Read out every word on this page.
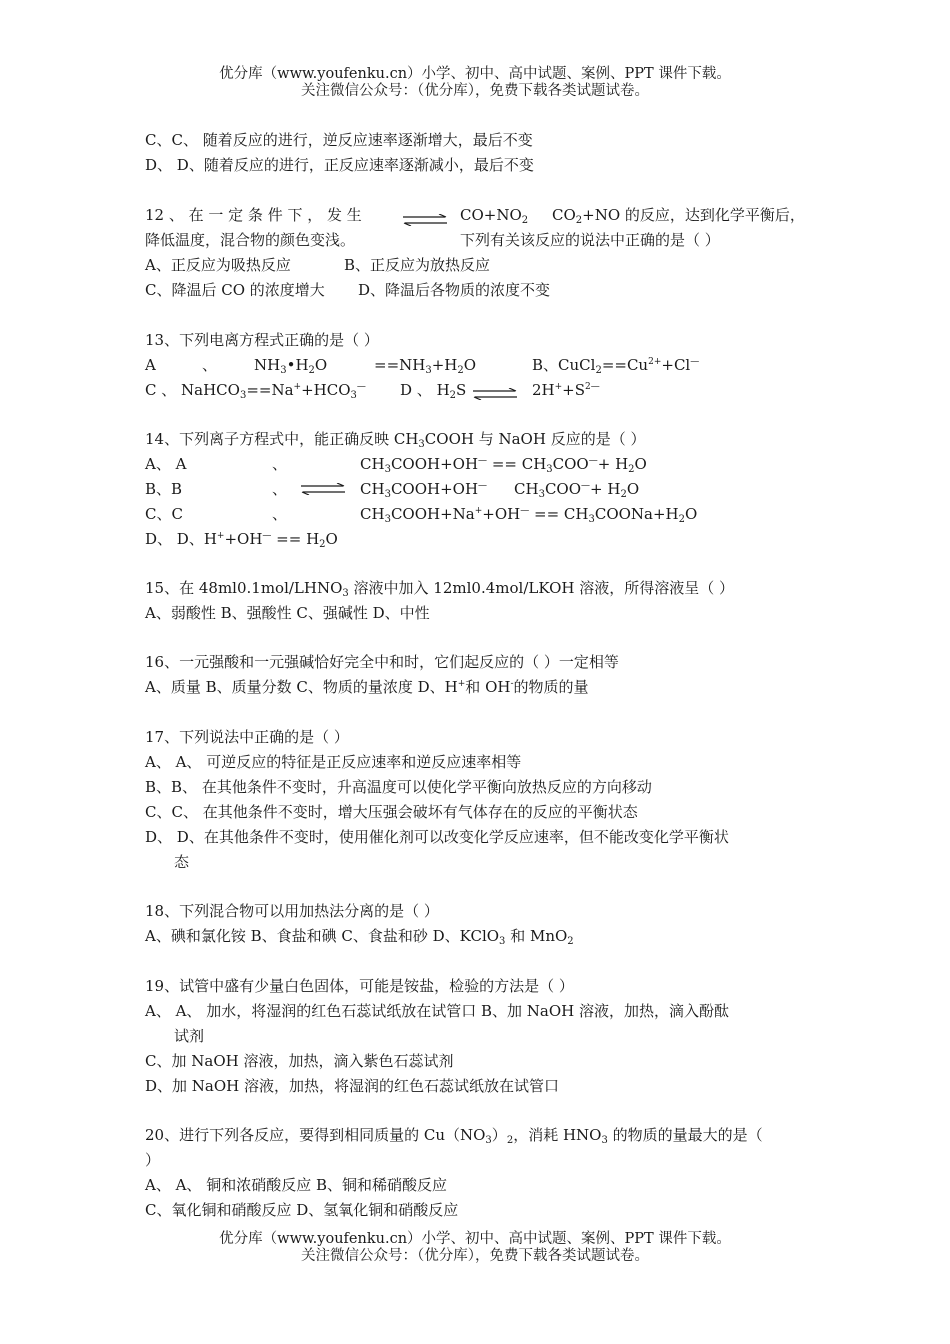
优分库（www.youfenku.cn）小学、初中、高中试题、案例、PPT 课件下载。
关注微信公众号：（优分库），免费下载各类试题试卷。
C、C、 随着反应的进行，逆反应速率逐渐增大，最后不变
D、 D、随着反应的进行，正反应速率逐渐减小，最后不变
12 、 在 一 定 条 件 下 ， 发 生	⇌ $CO+NO_2$ $CO_2+NO$ 的反应，达到化学平衡后，
降低温度，混合物的颜色变浅。	下列有关该反应的说法中正确的是（ ）
A、正反应为吸热反应	B、正反应为放热反应
C、降温后 CO 的浓度增大 D、降温后各物质的浓度不变
13、下列电离方程式正确的是（ ）
A	、 $NH_3•H_2O$	$==NH_3+H_2O$	B、$CuCl_2==Cu^{2+}+Cl^—$
C 、 $NaHCO_3==Na^++HCO_3^—$ D 、 $H_2S$ ⇌ $2H^++S^{2—}$
14、下列离子方程式中，能正确反映 $CH_3COOH$ 与 NaOH 反应的是（ ）
A、 A	、	$CH_3COOH+OH^— == CH_3COO^—+ H_2O$
B、B	、 ⇌ $CH_3COOH+OH^—$ $CH_3COO^—+ H_2O$
C、C	、	$CH_3COOH+Na^++OH^—$ == $CH_3COONa+H_2O$
D、 D、$H^++OH^— == H_2O$
15、在 $48ml0.1mol/LHNO_3$ 溶液中加入 12ml0.4mol/LKOH 溶液，所得溶液呈（ ）
A、弱酸性 B、强酸性 C、强碱性 D、中性
16、一元强酸和一元强碱恰好完全中和时，它们起反应的（ ）一定相等
A、质量 B、质量分数 C、物质的量浓度 D、H+和 OH-的物质的量
17、下列说法中正确的是（ ）
A、 A、 可逆反应的特征是正反应速率和逆反应速率相等
B、B、 在其他条件不变时，升高温度可以使化学平衡向放热反应的方向移动
C、C、 在其他条件不变时，增大压强会破坏有气体存在的反应的平衡状态
D、 D、在其他条件不变时，使用催化剂可以改变化学反应速率，但不能改变化学平衡状
态
18、下列混合物可以用加热法分离的是（ ）
A、碘和氯化铵 B、食盐和碘 C、食盐和砂 D、KClO$_3$ 和 MnO$_2$
19、试管中盛有少量白色固体，可能是铵盐，检验的方法是（ ）
A、 A、 加水，将湿润的红色石蕊试纸放在试管口 B、加 NaOH 溶液，加热，滴入酚酞
试剂
C、加 NaOH 溶液，加热，滴入紫色石蕊试剂
D、加 NaOH 溶液，加热，将湿润的红色石蕊试纸放在试管口
20、进行下列各反应，要得到相同质量的 $Cu(NO_3)_2$，消耗 $HNO_3$ 的物质的量最大的是（
）
A、 A、 铜和浓硝酸反应 B、铜和稀硝酸反应
C、氧化铜和硝酸反应 D、氢氧化铜和硝酸反应
优分库（www.youfenku.cn）小学、初中、高中试题、案例、PPT 课件下载。
关注微信公众号：（优分库），免费下载各类试题试卷。
